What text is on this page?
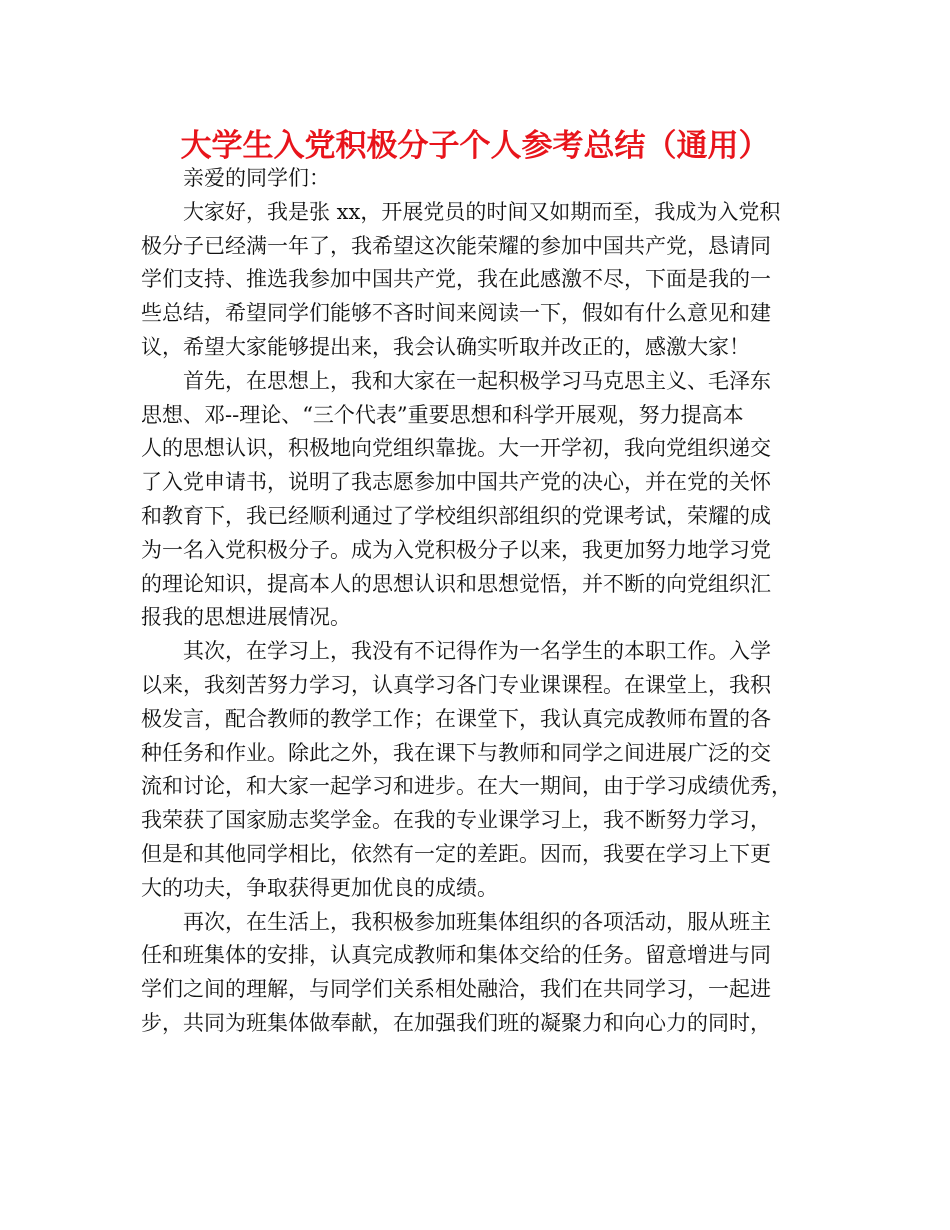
大学生入党积极分子个人参考总结（通用）
亲爱的同学们：
大家好，我是张 xx，开展党员的时间又如期而至，我成为入党积
极分子已经满一年了，我希望这次能荣耀的参加中国共产党，恳请同
学们支持、推选我参加中国共产党，我在此感激不尽，下面是我的一
些总结，希望同学们能够不吝时间来阅读一下，假如有什么意见和建
议，希望大家能够提出来，我会认确实听取并改正的，感激大家！
首先，在思想上，我和大家在一起积极学习马克思主义、毛泽东
思想、邓--理论、“三个代表”重要思想和科学开展观，努力提高本
人的思想认识，积极地向党组织靠拢。大一开学初，我向党组织递交
了入党申请书，说明了我志愿参加中国共产党的决心，并在党的关怀
和教育下，我已经顺利通过了学校组织部组织的党课考试，荣耀的成
为一名入党积极分子。成为入党积极分子以来，我更加努力地学习党
的理论知识，提高本人的思想认识和思想觉悟，并不断的向党组织汇
报我的思想进展情况。
其次，在学习上，我没有不记得作为一名学生的本职工作。入学
以来，我刻苦努力学习，认真学习各门专业课课程。在课堂上，我积
极发言，配合教师的教学工作；在课堂下，我认真完成教师布置的各
种任务和作业。除此之外，我在课下与教师和同学之间进展广泛的交
流和讨论，和大家一起学习和进步。在大一期间，由于学习成绩优秀，
我荣获了国家励志奖学金。在我的专业课学习上，我不断努力学习，
但是和其他同学相比，依然有一定的差距。因而，我要在学习上下更
大的功夫，争取获得更加优良的成绩。
再次，在生活上，我积极参加班集体组织的各项活动，服从班主
任和班集体的安排，认真完成教师和集体交给的任务。留意增进与同
学们之间的理解，与同学们关系相处融洽，我们在共同学习，一起进
步，共同为班集体做奉献，在加强我们班的凝聚力和向心力的同时，
